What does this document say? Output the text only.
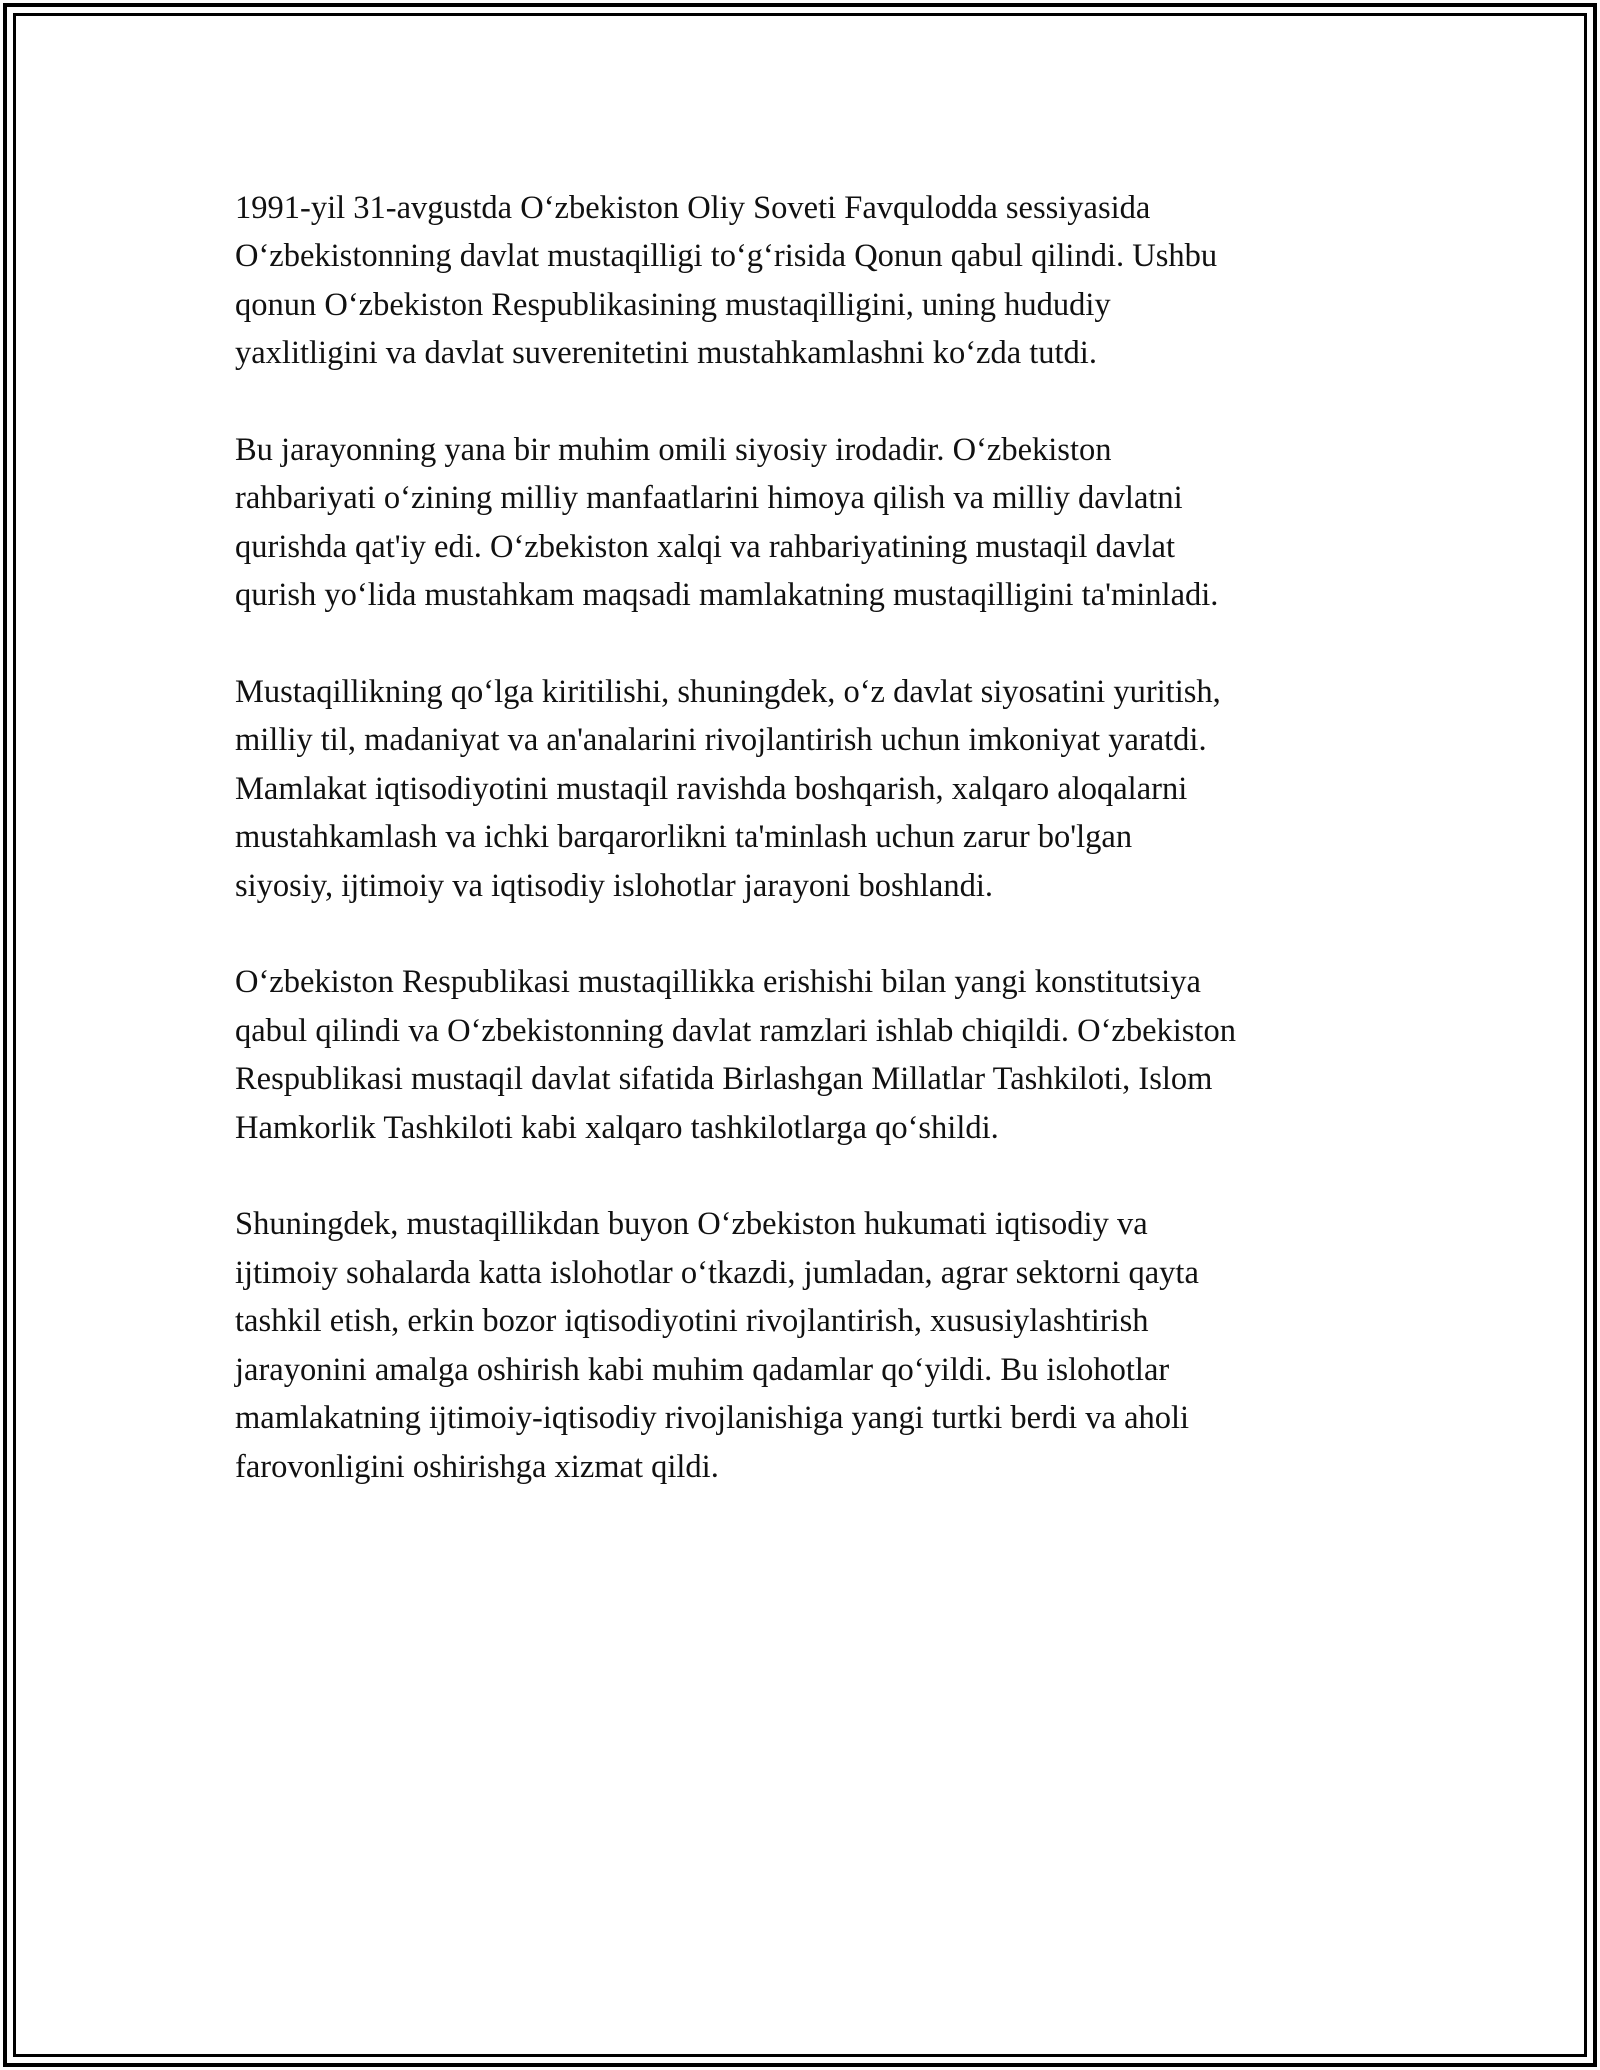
1991-yil 31-avgustda O‘zbekiston Oliy Soveti Favqulodda sessiyasida
O‘zbekistonning davlat mustaqilligi to‘g‘risida Qonun qabul qilindi. Ushbu
qonun O‘zbekiston Respublikasining mustaqilligini, uning hududiy
yaxlitligini va davlat suverenitetini mustahkamlashni ko‘zda tutdi.

Bu jarayonning yana bir muhim omili siyosiy irodadir. O‘zbekiston
rahbariyati o‘zining milliy manfaatlarini himoya qilish va milliy davlatni
qurishda qat'iy edi. O‘zbekiston xalqi va rahbariyatining mustaqil davlat
qurish yo‘lida mustahkam maqsadi mamlakatning mustaqilligini ta'minladi.

Mustaqillikning qo‘lga kiritilishi, shuningdek, o‘z davlat siyosatini yuritish,
milliy til, madaniyat va an'analarini rivojlantirish uchun imkoniyat yaratdi.
Mamlakat iqtisodiyotini mustaqil ravishda boshqarish, xalqaro aloqalarni
mustahkamlash va ichki barqarorlikni ta'minlash uchun zarur bo'lgan
siyosiy, ijtimoiy va iqtisodiy islohotlar jarayoni boshlandi.

O‘zbekiston Respublikasi mustaqillikka erishishi bilan yangi konstitutsiya
qabul qilindi va O‘zbekistonning davlat ramzlari ishlab chiqildi. O‘zbekiston
Respublikasi mustaqil davlat sifatida Birlashgan Millatlar Tashkiloti, Islom
Hamkorlik Tashkiloti kabi xalqaro tashkilotlarga qo‘shildi.

Shuningdek, mustaqillikdan buyon O‘zbekiston hukumati iqtisodiy va
ijtimoiy sohalarda katta islohotlar o‘tkazdi, jumladan, agrar sektorni qayta
tashkil etish, erkin bozor iqtisodiyotini rivojlantirish, xususiylashtirish
jarayonini amalga oshirish kabi muhim qadamlar qo‘yildi. Bu islohotlar
mamlakatning ijtimoiy-iqtisodiy rivojlanishiga yangi turtki berdi va aholi
farovonligini oshirishga xizmat qildi.
